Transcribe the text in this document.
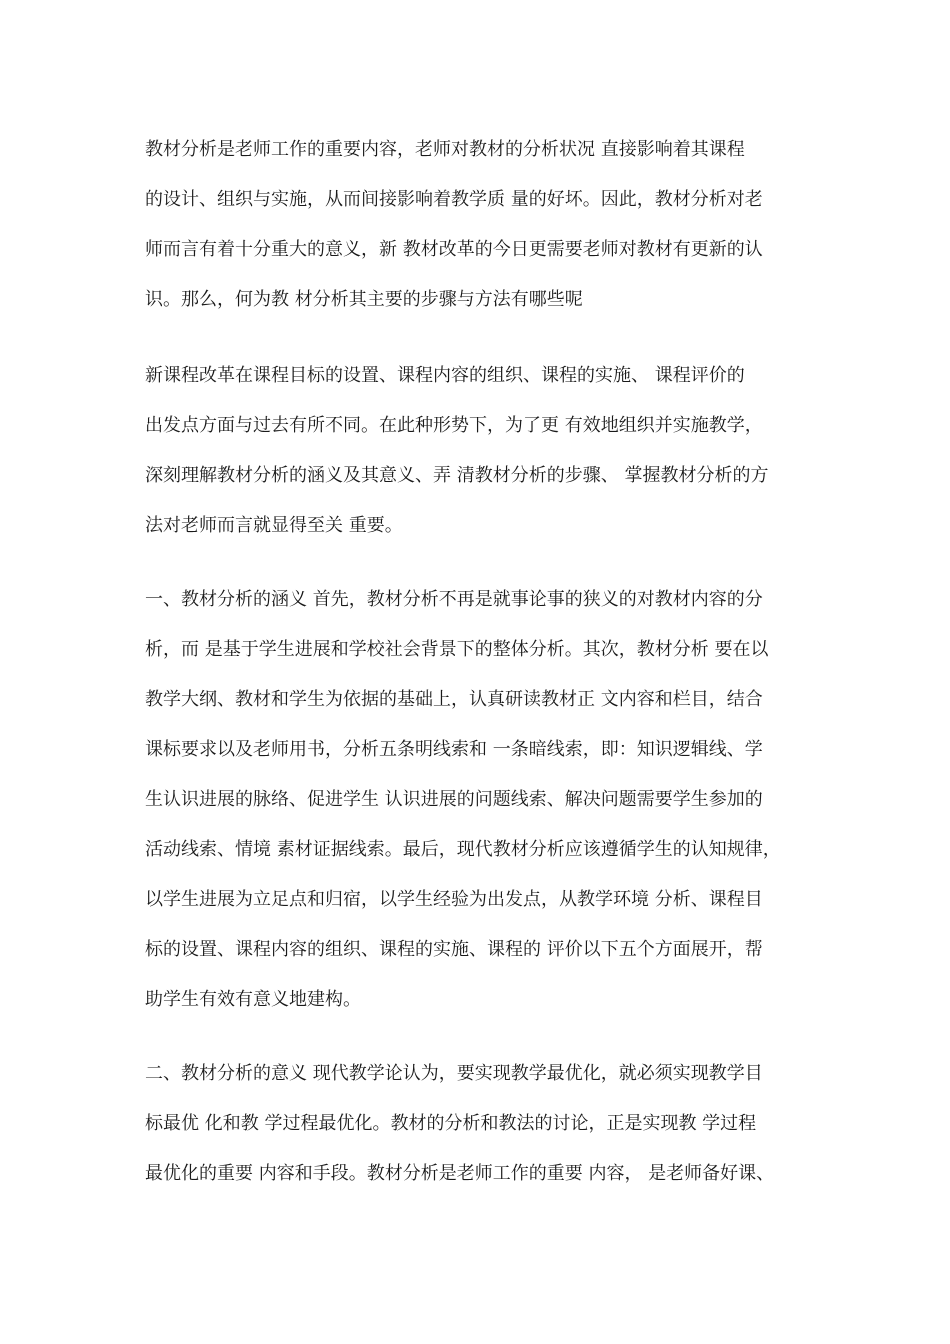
教材分析是老师工作的重要内容，老师对教材的分析状况 直接影响着其课程
的设计、组织与实施，从而间接影响着教学质 量的好坏。因此，教材分析对老
师而言有着十分重大的意义，新 教材改革的今日更需要老师对教材有更新的认
识。那么，何为教 材分析其主要的步骤与方法有哪些呢
新课程改革在课程目标的设置、课程内容的组织、课程的实施、 课程评价的
出发点方面与过去有所不同。在此种形势下，为了更 有效地组织并实施教学，
深刻理解教材分析的涵义及其意义、弄 清教材分析的步骤、 掌握教材分析的方
法对老师而言就显得至关 重要。
一、教材分析的涵义 首先，教材分析不再是就事论事的狭义的对教材内容的分
析，而 是基于学生进展和学校社会背景下的整体分析。其次，教材分析 要在以
教学大纲、教材和学生为依据的基础上，认真研读教材正 文内容和栏目，结合
课标要求以及老师用书，分析五条明线索和 一条暗线索，即：知识逻辑线、学
生认识进展的脉络、促进学生 认识进展的问题线索、解决问题需要学生参加的
活动线索、情境 素材证据线索。最后，现代教材分析应该遵循学生的认知规律，
以学生进展为立足点和归宿，以学生经验为出发点，从教学环境 分析、课程目
标的设置、课程内容的组织、课程的实施、课程的 评价以下五个方面展开，帮
助学生有效有意义地建构。
二、教材分析的意义 现代教学论认为，要实现教学最优化，就必须实现教学目
标最优 化和教 学过程最优化。教材的分析和教法的讨论，正是实现教 学过程
最优化的重要 内容和手段。教材分析是老师工作的重要 内容， 是老师备好课、
